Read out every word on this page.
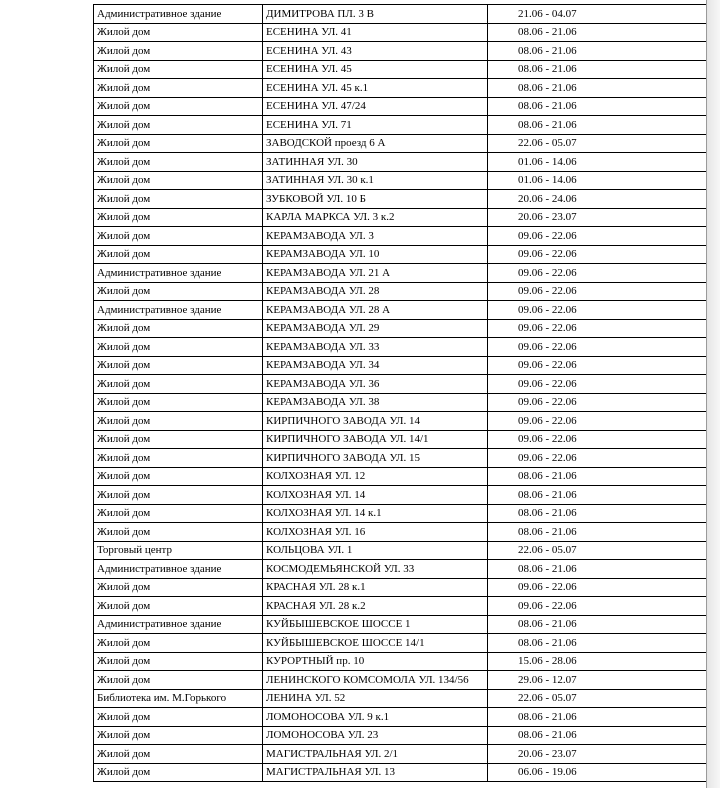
Административное здание	ДИМИТРОВА ПЛ. 3 В	21.06 - 04.07
Жилой дом	ЕСЕНИНА УЛ. 41	08.06 - 21.06
Жилой дом	ЕСЕНИНА УЛ. 43	08.06 - 21.06
Жилой дом	ЕСЕНИНА УЛ. 45	08.06 - 21.06
Жилой дом	ЕСЕНИНА УЛ. 45 к.1	08.06 - 21.06
Жилой дом	ЕСЕНИНА УЛ. 47/24	08.06 - 21.06
Жилой дом	ЕСЕНИНА УЛ. 71	08.06 - 21.06
Жилой дом	ЗАВОДСКОЙ проезд 6 А	22.06 - 05.07
Жилой дом	ЗАТИННАЯ УЛ. 30	01.06 - 14.06
Жилой дом	ЗАТИННАЯ УЛ. 30 к.1	01.06 - 14.06
Жилой дом	ЗУБКОВОЙ УЛ. 10 Б	20.06 - 24.06
Жилой дом	КАРЛА МАРКСА УЛ. 3 к.2	20.06 - 23.07
Жилой дом	КЕРАМЗАВОДА УЛ. 3	09.06 - 22.06
Жилой дом	КЕРАМЗАВОДА УЛ. 10	09.06 - 22.06
Административное здание	КЕРАМЗАВОДА УЛ. 21 А	09.06 - 22.06
Жилой дом	КЕРАМЗАВОДА УЛ. 28	09.06 - 22.06
Административное здание	КЕРАМЗАВОДА УЛ. 28 А	09.06 - 22.06
Жилой дом	КЕРАМЗАВОДА УЛ. 29	09.06 - 22.06
Жилой дом	КЕРАМЗАВОДА УЛ. 33	09.06 - 22.06
Жилой дом	КЕРАМЗАВОДА УЛ. 34	09.06 - 22.06
Жилой дом	КЕРАМЗАВОДА УЛ. 36	09.06 - 22.06
Жилой дом	КЕРАМЗАВОДА УЛ. 38	09.06 - 22.06
Жилой дом	КИРПИЧНОГО ЗАВОДА УЛ. 14	09.06 - 22.06
Жилой дом	КИРПИЧНОГО ЗАВОДА УЛ. 14/1	09.06 - 22.06
Жилой дом	КИРПИЧНОГО ЗАВОДА УЛ. 15	09.06 - 22.06
Жилой дом	КОЛХОЗНАЯ УЛ. 12	08.06 - 21.06
Жилой дом	КОЛХОЗНАЯ УЛ. 14	08.06 - 21.06
Жилой дом	КОЛХОЗНАЯ УЛ. 14 к.1	08.06 - 21.06
Жилой дом	КОЛХОЗНАЯ УЛ. 16	08.06 - 21.06
Торговый центр	КОЛЬЦОВА УЛ. 1	22.06 - 05.07
Административное здание	КОСМОДЕМЬЯНСКОЙ УЛ. 33	08.06 - 21.06
Жилой дом	КРАСНАЯ УЛ. 28 к.1	09.06 - 22.06
Жилой дом	КРАСНАЯ УЛ. 28 к.2	09.06 - 22.06
Административное здание	КУЙБЫШЕВСКОЕ ШОССЕ 1	08.06 - 21.06
Жилой дом	КУЙБЫШЕВСКОЕ ШОССЕ 14/1	08.06 - 21.06
Жилой дом	КУРОРТНЫЙ пр. 10	15.06 - 28.06
Жилой дом	ЛЕНИНСКОГО КОМСОМОЛА УЛ. 134/56	29.06 - 12.07
Библиотека им. М.Горького	ЛЕНИНА УЛ. 52	22.06 - 05.07
Жилой дом	ЛОМОНОСОВА УЛ. 9 к.1	08.06 - 21.06
Жилой дом	ЛОМОНОСОВА УЛ. 23	08.06 - 21.06
Жилой дом	МАГИСТРАЛЬНАЯ УЛ. 2/1	20.06 - 23.07
Жилой дом	МАГИСТРАЛЬНАЯ УЛ. 13	06.06 - 19.06
